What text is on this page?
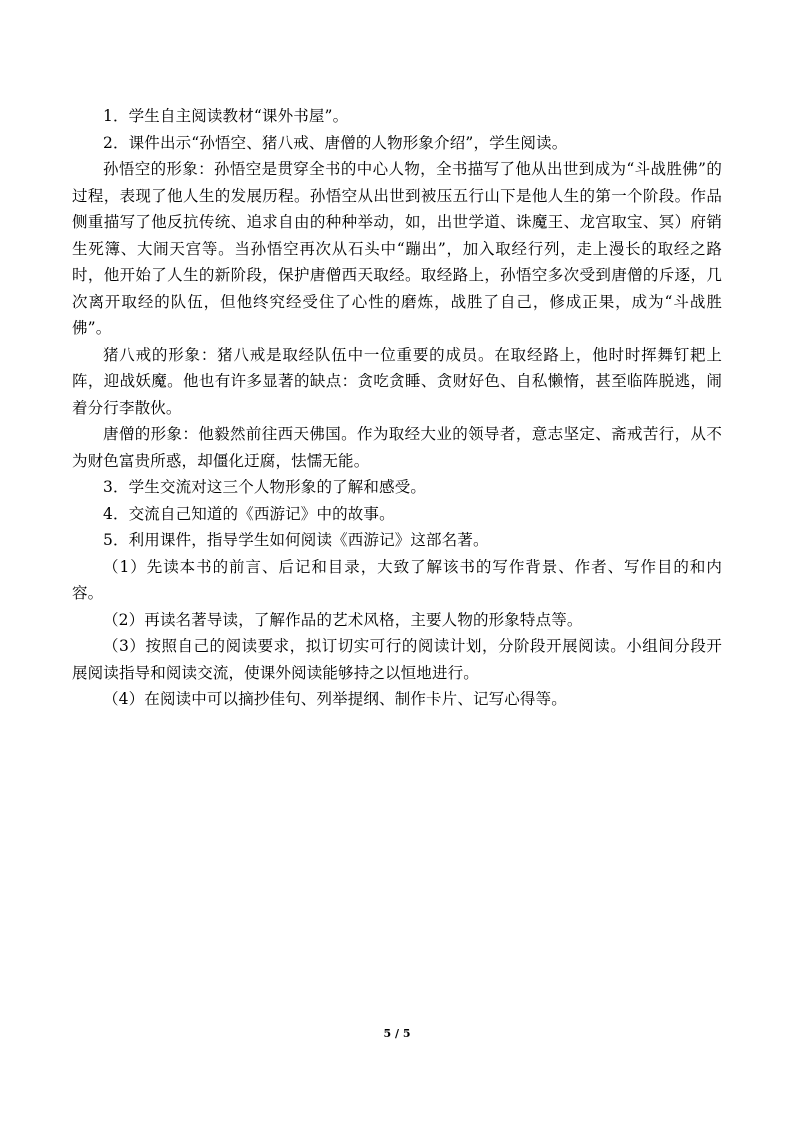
1．学生自主阅读教材“课外书屋”。

2．课件出示“孙悟空、猪八戒、唐僧的人物形象介绍”，学生阅读。

孙悟空的形象：孙悟空是贯穿全书的中心人物，全书描写了他从出世到成为“斗战胜佛”的过程，表现了他人生的发展历程。孙悟空从出世到被压五行山下是他人生的第一个阶段。作品侧重描写了他反抗传统、追求自由的种种举动，如，出世学道、诛魔王、龙宫取宝、冥）府销生死簿、大闹天宫等。当孙悟空再次从石头中“蹦出”，加入取经行列，走上漫长的取经之路时，他开始了人生的新阶段，保护唐僧西天取经。取经路上，孙悟空多次受到唐僧的斥逐，几次离开取经的队伍，但他终究经受住了心性的磨炼，战胜了自己，修成正果，成为“斗战胜佛”。

猪八戒的形象：猪八戒是取经队伍中一位重要的成员。在取经路上，他时时挥舞钉耙上阵，迎战妖魔。他也有许多显著的缺点：贪吃贪睡、贪财好色、自私懒惰，甚至临阵脱逃，闹着分行李散伙。

唐僧的形象：他毅然前往西天佛国。作为取经大业的领导者，意志坚定、斋戒苦行，从不为财色富贵所惑，却僵化迂腐，怯懦无能。

3．学生交流对这三个人物形象的了解和感受。

4．交流自己知道的《西游记》中的故事。

5．利用课件，指导学生如何阅读《西游记》这部名著。

（1）先读本书的前言、后记和目录，大致了解该书的写作背景、作者、写作目的和内容。

（2）再读名著导读，了解作品的艺术风格，主要人物的形象特点等。

（3）按照自己的阅读要求，拟订切实可行的阅读计划，分阶段开展阅读。小组间分段开展阅读指导和阅读交流，使课外阅读能够持之以恒地进行。

（4）在阅读中可以摘抄佳句、列举提纲、制作卡片、记写心得等。

5 / 5
